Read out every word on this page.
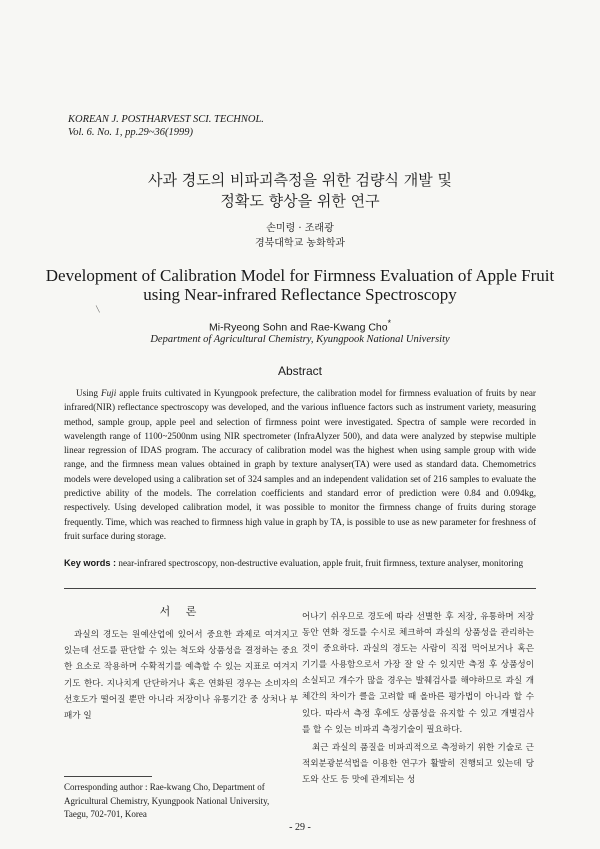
KOREAN J. POSTHARVEST SCI. TECHNOL.
Vol. 6. No. 1, pp.29~36(1999)
사과 경도의 비파괴측정을 위한 검량식 개발 및
정확도 향상을 위한 연구
손미령 · 조래광
경북대학교 농화학과
Development of Calibration Model for Firmness Evaluation of Apple Fruit using Near-infrared Reflectance Spectroscopy
╲
Mi-Ryeong Sohn and Rae-Kwang Cho*
Department of Agricultural Chemistry, Kyungpook National University
Abstract

Using Fuji apple fruits cultivated in Kyungpook prefecture, the calibration model for firmness evaluation of fruits by near infrared(NIR) reflectance spectroscopy was developed, and the various influence factors such as instrument variety, measuring method, sample group, apple peel and selection of firmness point were investigated. Spectra of sample were recorded in wavelength range of 1100~2500nm using NIR spectrometer (InfraAlyzer 500), and data were analyzed by stepwise multiple linear regression of IDAS program. The accuracy of calibration model was the highest when using sample group with wide range, and the firmness mean values obtained in graph by texture analyser(TA) were used as standard data. Chemometrics models were developed using a calibration set of 324 samples and an independent validation set of 216 samples to evaluate the predictive ability of the models. The correlation coefficients and standard error of prediction were 0.84 and 0.094kg, respectively. Using developed calibration model, it was possible to monitor the firmness change of fruits during storage frequently. Time, which was reached to firmness high value in graph by TA, is possible to use as new parameter for freshness of fruit surface during storage.

Key words : near-infrared spectroscopy, non-destructive evaluation, apple fruit, fruit firmness, texture analyser, monitoring
서 론

과실의 경도는 원예산업에 있어서 중요한 과제로 여겨지고 있는데 선도를 판단할 수 있는 척도와 상품성을 결정하는 중요한 요소로 작용하며 수확적기를 예측할 수 있는 지표로 여겨지기도 한다. 지나치게 단단하거나 혹은 연화된 경우는 소비자의 선호도가 떨어질 뿐만 아니라 저장이나 유통기간 중 상처나 부패가 일

어나기 쉬우므로 경도에 따라 선별한 후 저장, 유통하며 저장동안 연화 정도를 수시로 체크하여 과실의 상품성을 관리하는 것이 중요하다. 과실의 경도는 사람이 직접 먹어보거나 혹은 기기를 사용함으로서 가장 잘 알 수 있지만 측정 후 상품성이 소실되고 개수가 많을 경우는 발췌검사를 해야하므로 과실 개체간의 차이가 클을 고려할 때 올바른 평가법이 아니라 할 수 있다. 따라서 측정 후에도 상품성을 유지할 수 있고 개별검사를 할 수 있는 비파괴 측정기술이 필요하다.

최근 과실의 품질을 비파괴적으로 측정하기 위한 기술로 근적외분광분석법을 이용한 연구가 활발히 진행되고 있는데 당도와 산도 등 맛에 관계되는 성

Corresponding author : Rae-kwang Cho, Department of Agricultural Chemistry, Kyungpook National University, Taegu, 702-701, Korea
- 29 -
